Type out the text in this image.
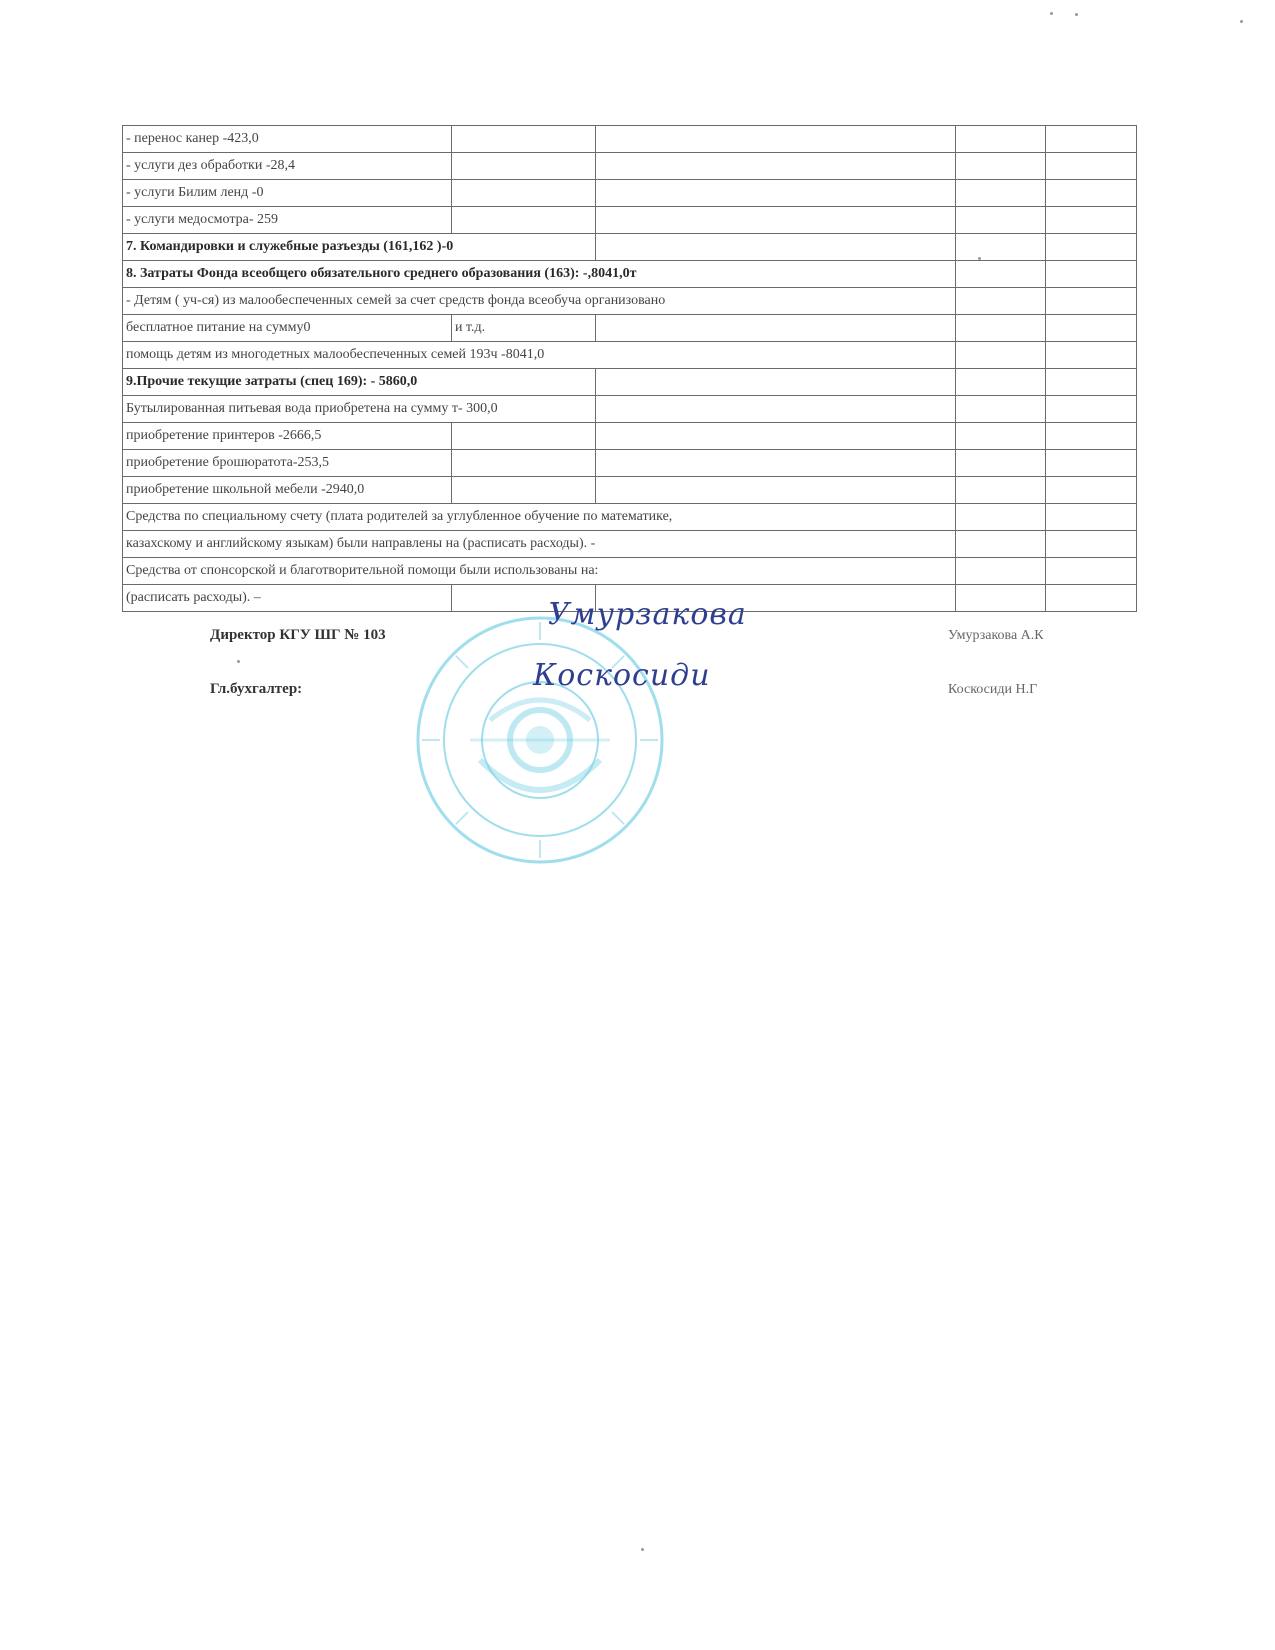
- перенос канер -423,0				
- услуги дез обработки -28,4				
- услуги Билим ленд -0				
- услуги медосмотра- 259				
7. Командировки и служебные разъезды (161,162 )-0				
8. Затраты Фонда всеобщего обязательного среднего образования (163): -,8041,0т				
- Детям ( уч-ся) из малообеспеченных семей за счет средств фонда всеобуча организовано				
бесплатное питание на сумму0	и т.д.			
помощь детям из многодетных малообеспеченных семей 193ч -8041,0				
9.Прочие текущие затраты (спец 169): - 5860,0				
Бутылированная питьевая вода приобретена на сумму т- 300,0				
приобретение принтеров -2666,5				
приобретение брошюратота-253,5				
приобретение школьной мебели -2940,0				
Средства по специальному счету (плата родителей за углубленное обучение по математике,				
казахскому и английскому языкам) были направлены на (расписать расходы). -				
Средства от спонсорской и благотворительной помощи были использованы на:				
(расписать расходы). –				
Директор КГУ ШГ № 103
Умурзакова
Умурзакова А.К
Гл.бухгалтер:	Коскосиди	Коскосиди Н.Г
